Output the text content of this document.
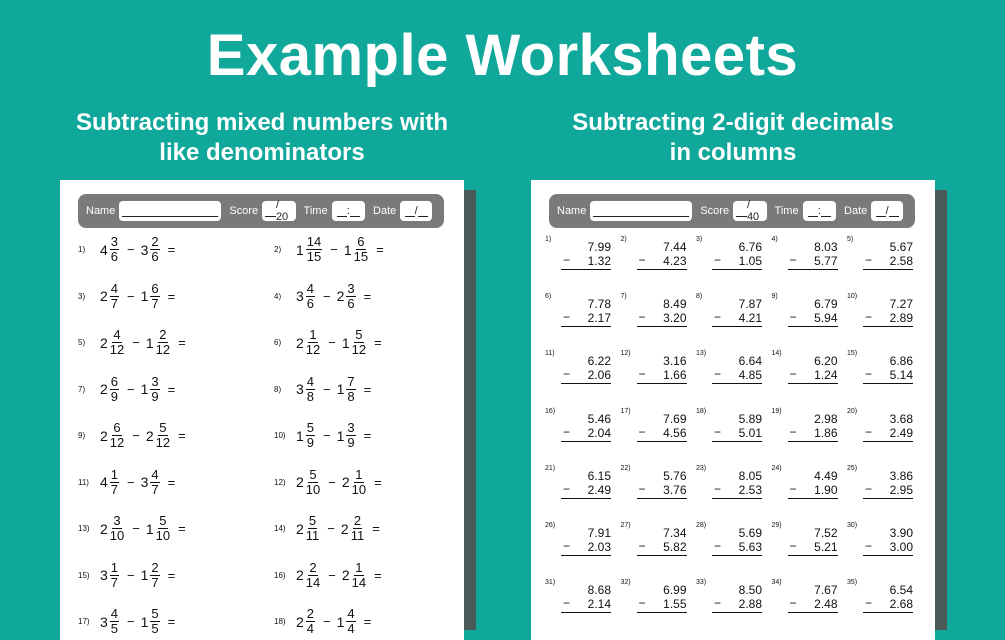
Example Worksheets
Subtracting mixed numbers with
like denominators
Subtracting 2-digit decimals
in columns
Name	Score / 20	Time : Date /
1)	$4 \frac{3}{6} - 3 \frac{2}{6}$ =	2)	$1 \frac{14}{15} - 1 \frac{6}{15}$ =
3)	$2 \frac{4}{7} - 1 \frac{6}{7}$ =	4)	$3 \frac{4}{6} - 2 \frac{3}{6}$ =
5)	$2 \frac{4}{12} - 1 \frac{2}{12}$ =	6)	$2 \frac{1}{12} - 1 \frac{5}{12}$ =
7)	$2 \frac{6}{9} - 1 \frac{3}{9}$ =	8)	$3 \frac{4}{8} - 1 \frac{7}{8}$ =
9)	$2 \frac{6}{12} - 2 \frac{5}{12}$ =	10) $1 \frac{5}{9} - 1 \frac{3}{9}$ =
11) $4 \frac{1}{7} - 3 \frac{4}{7}$ =	12) $2 \frac{5}{10} - 2 \frac{1}{10}$ =
13) $2 \frac{3}{10} - 1 \frac{5}{10}$ =	14) $2 \frac{5}{11} - 2 \frac{2}{11}$ =
15) $3 \frac{1}{7} - 1 \frac{2}{7}$ =	16) $2 \frac{2}{14} - 2 \frac{1}{14}$ =
17) $3 \frac{4}{5} - 1 \frac{5}{5}$ =	18) $2 \frac{2}{4} - 1 \frac{4}{4}$ =
Name	Score / 40	Time : Date /
1)
7.99
− 1.32
2)
7.44
− 4.23
3)
6.76
− 1.05
4)
8.03
− 5.77
5)
5.67
− 2.58
6)
7.78
− 2.17
7)
8.49
− 3.20
8)
7.87
− 4.21
9)
6.79
− 5.94
10)
7.27
− 2.89
11)
6.22
− 2.06
12)
3.16
− 1.66
13)
6.64
− 4.85
14)
6.20
− 1.24
15)
6.86
− 5.14
16)
5.46
− 2.04
17)
7.69
− 4.56
18)
5.89
− 5.01
19)
2.98
− 1.86
20)
3.68
− 2.49
21)
6.15
− 2.49
22)
5.76
− 3.76
23)
8.05
− 2.53
24)
4.49
− 1.90
25)
3.86
− 2.95
26)
7.91
− 2.03
27)
7.34
− 5.82
28)
5.69
− 5.63
29)
7.52
− 5.21
30)
3.90
− 3.00
31)
8.68
− 2.14
32)
6.99
− 1.55
33)
8.50
− 2.88
34)
7.67
− 2.48
35)
6.54
− 2.68
